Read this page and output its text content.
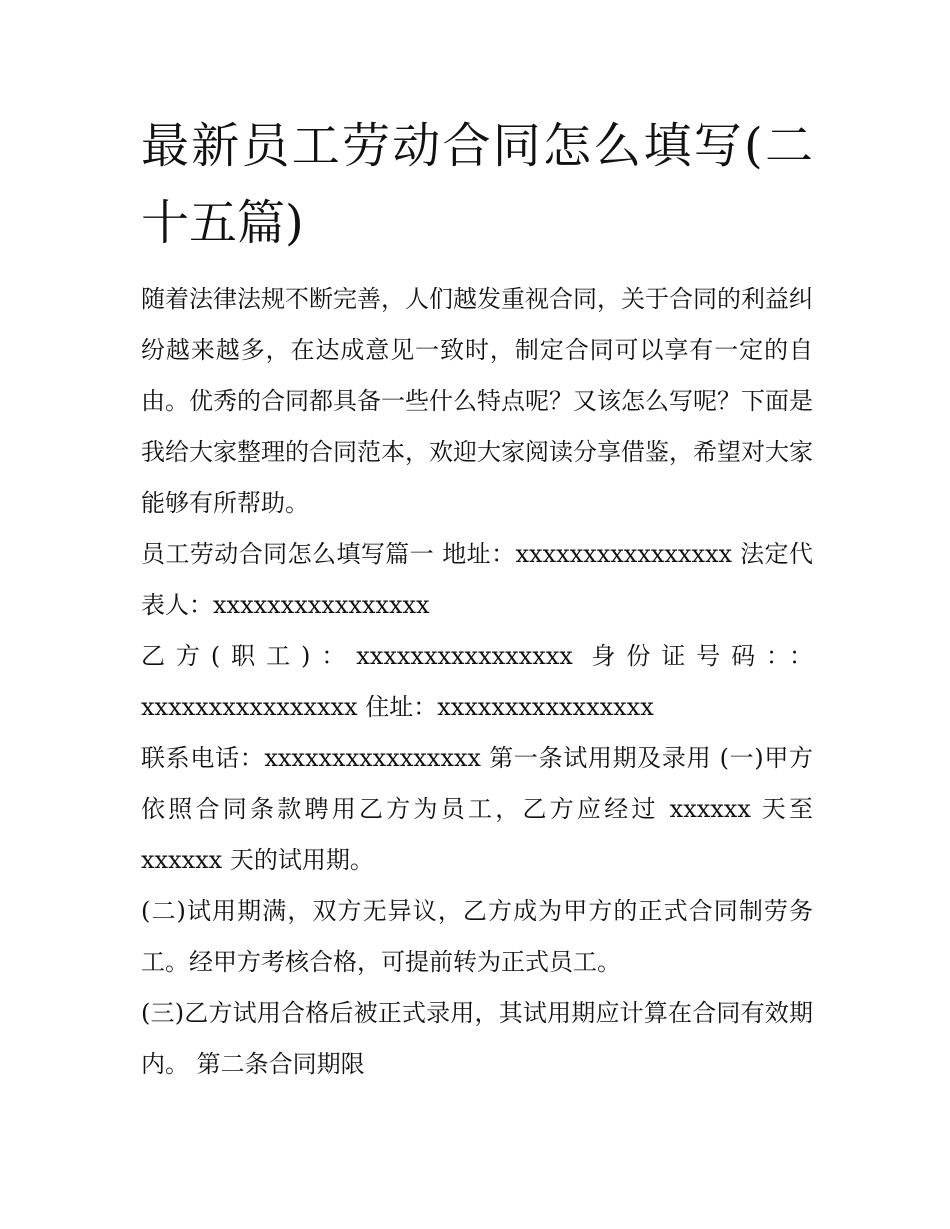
最新员工劳动合同怎么填写(二十五篇)

随着法律法规不断完善，人们越发重视合同，关于合同的利益纠纷越来越多，在达成意见一致时，制定合同可以享有一定的自由。优秀的合同都具备一些什么特点呢？又该怎么写呢？下面是我给大家整理的合同范本，欢迎大家阅读分享借鉴，希望对大家能够有所帮助。

员工劳动合同怎么填写篇一 地址：xxxxxxxxxxxxxxxx 法定代表人：xxxxxxxxxxxxxxxx

乙方(职工)：xxxxxxxxxxxxxxxx 身份证号码：：xxxxxxxxxxxxxxxx 住址：xxxxxxxxxxxxxxxx

联系电话：xxxxxxxxxxxxxxxx 第一条试用期及录用 (一)甲方依照合同条款聘用乙方为员工，乙方应经过 xxxxxx 天至 xxxxxx 天的试用期。

(二)试用期满，双方无异议，乙方成为甲方的正式合同制劳务工。经甲方考核合格，可提前转为正式员工。

(三)乙方试用合格后被正式录用，其试用期应计算在合同有效期内。 第二条合同期限
